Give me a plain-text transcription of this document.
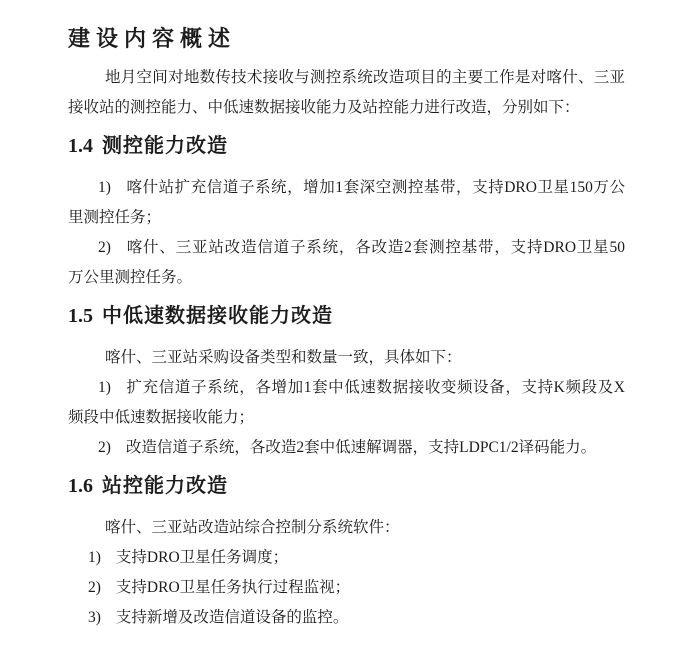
建设内容概述
地月空间对地数传技术接收与测控系统改造项目的主要工作是对喀什、三亚
接收站的测控能力、中低速数据接收能力及站控能力进行改造，分别如下：
1.4 测控能力改造
1) 喀什站扩充信道子系统，增加1套深空测控基带，支持DRO卫星150万公
里测控任务；
2) 喀什、三亚站改造信道子系统，各改造2套测控基带，支持DRO卫星50
万公里测控任务。
1.5 中低速数据接收能力改造
喀什、三亚站采购设备类型和数量一致，具体如下：
1) 扩充信道子系统，各增加1套中低速数据接收变频设备，支持K频段及X
频段中低速数据接收能力；
2) 改造信道子系统，各改造2套中低速解调器，支持LDPC1/2译码能力。
1.6 站控能力改造
喀什、三亚站改造站综合控制分系统软件：
1) 支持DRO卫星任务调度；
2) 支持DRO卫星任务执行过程监视；
3) 支持新增及改造信道设备的监控。
